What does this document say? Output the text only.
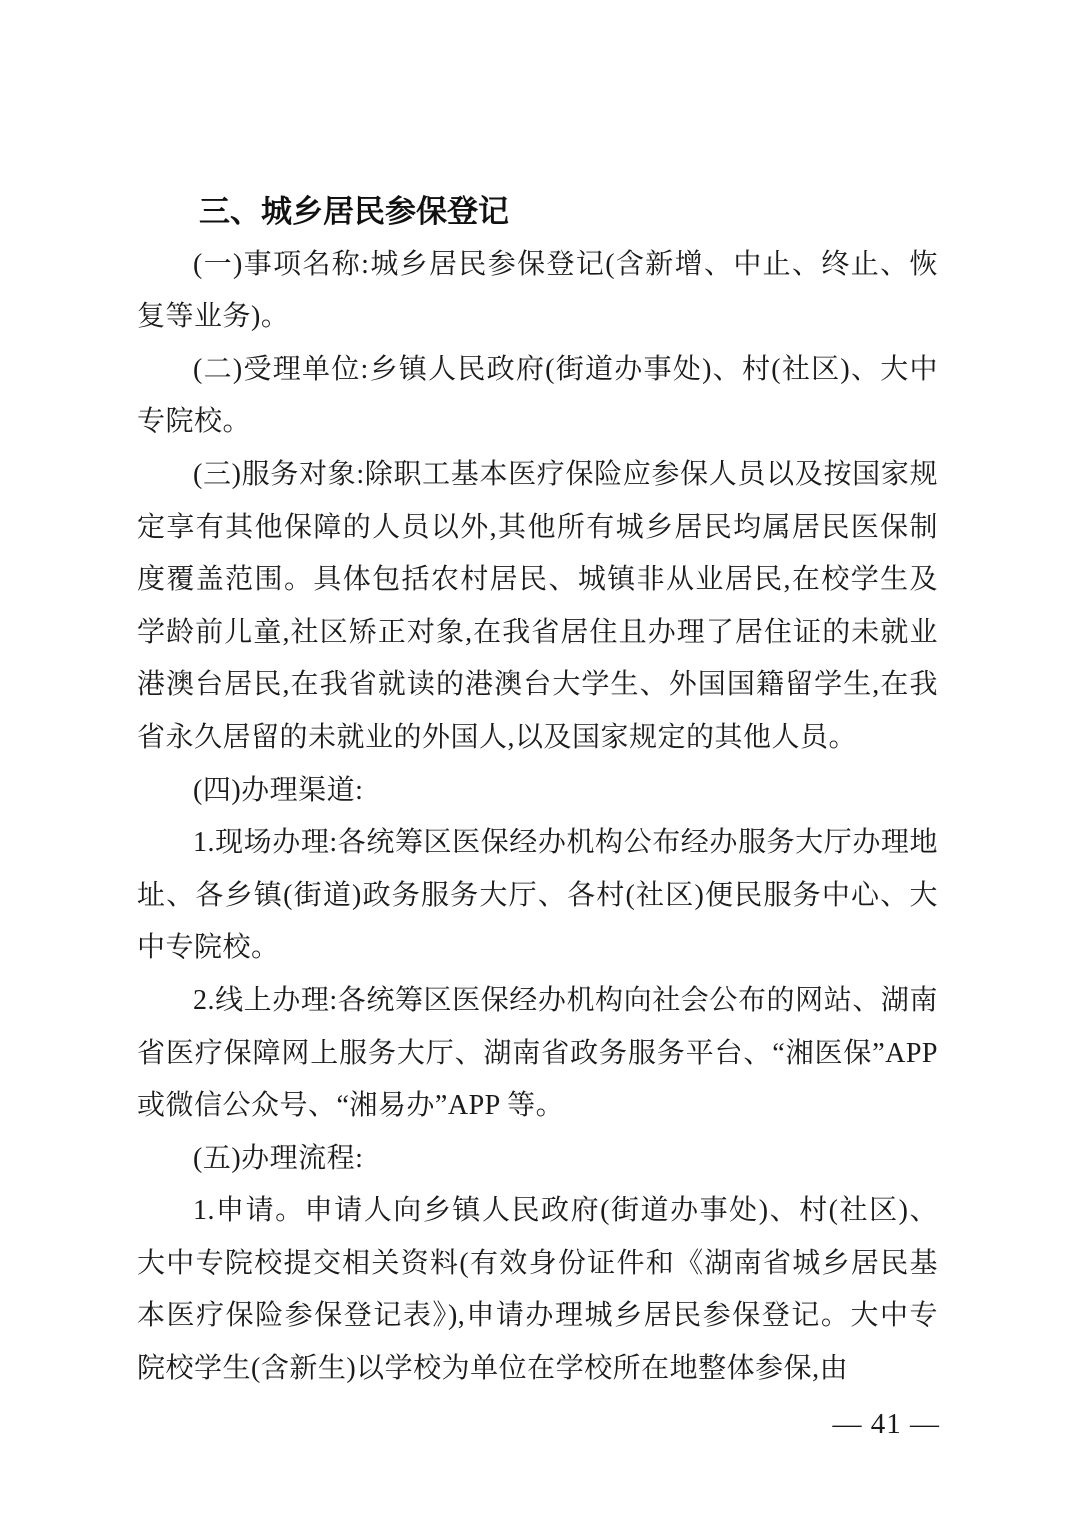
三、城乡居民参保登记

(一)事项名称:城乡居民参保登记(含新增、中止、终止、恢复等业务)。

(二)受理单位:乡镇人民政府(街道办事处)、村(社区)、大中专院校。

(三)服务对象:除职工基本医疗保险应参保人员以及按国家规定享有其他保障的人员以外,其他所有城乡居民均属居民医保制度覆盖范围。具体包括农村居民、城镇非从业居民,在校学生及学龄前儿童,社区矫正对象,在我省居住且办理了居住证的未就业港澳台居民,在我省就读的港澳台大学生、外国国籍留学生,在我省永久居留的未就业的外国人,以及国家规定的其他人员。

(四)办理渠道:

1.现场办理:各统筹区医保经办机构公布经办服务大厅办理地址、各乡镇(街道)政务服务大厅、各村(社区)便民服务中心、大中专院校。

2.线上办理:各统筹区医保经办机构向社会公布的网站、湖南省医疗保障网上服务大厅、湖南省政务服务平台、“湘医保”APP 或微信公众号、“湘易办”APP 等。

(五)办理流程:

1.申请。申请人向乡镇人民政府(街道办事处)、村(社区)、大中专院校提交相关资料(有效身份证件和《湖南省城乡居民基本医疗保险参保登记表》),申请办理城乡居民参保登记。大中专院校学生(含新生)以学校为单位在学校所在地整体参保,由

— 41 —
